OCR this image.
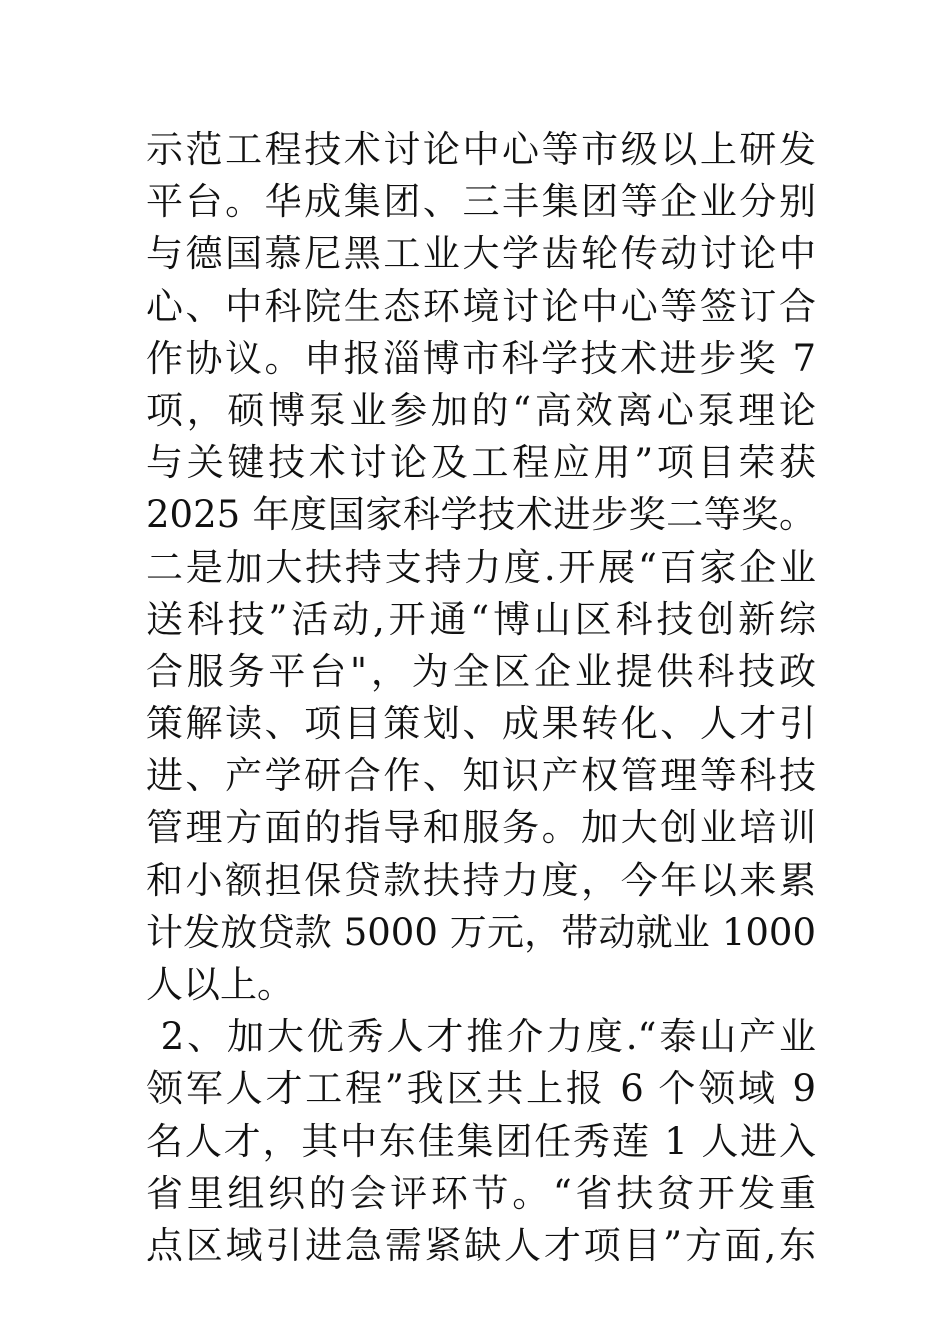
示范工程技术讨论中心等市级以上研发
平台。华成集团、三丰集团等企业分别
与德国慕尼黑工业大学齿轮传动讨论中
心、中科院生态环境讨论中心等签订合
作协议。申报淄博市科学技术进步奖 7
项，硕博泵业参加的“高效离心泵理论
与关键技术讨论及工程应用”项目荣获
2025 年度国家科学技术进步奖二等奖。
二是加大扶持支持力度.开展“百家企业
送科技”活动,开通“博山区科技创新综
合服务平台"，为全区企业提供科技政
策解读、项目策划、成果转化、人才引
进、产学研合作、知识产权管理等科技
管理方面的指导和服务。加大创业培训
和小额担保贷款扶持力度，今年以来累
计发放贷款 5000 万元，带动就业 1000
人以上。
2、加大优秀人才推介力度.“泰山产业
领军人才工程”我区共上报 6 个领域 9
名人才，其中东佳集团任秀莲 1 人进入
省里组织的会评环节。“省扶贫开发重
点区域引进急需紧缺人才项目”方面,东
